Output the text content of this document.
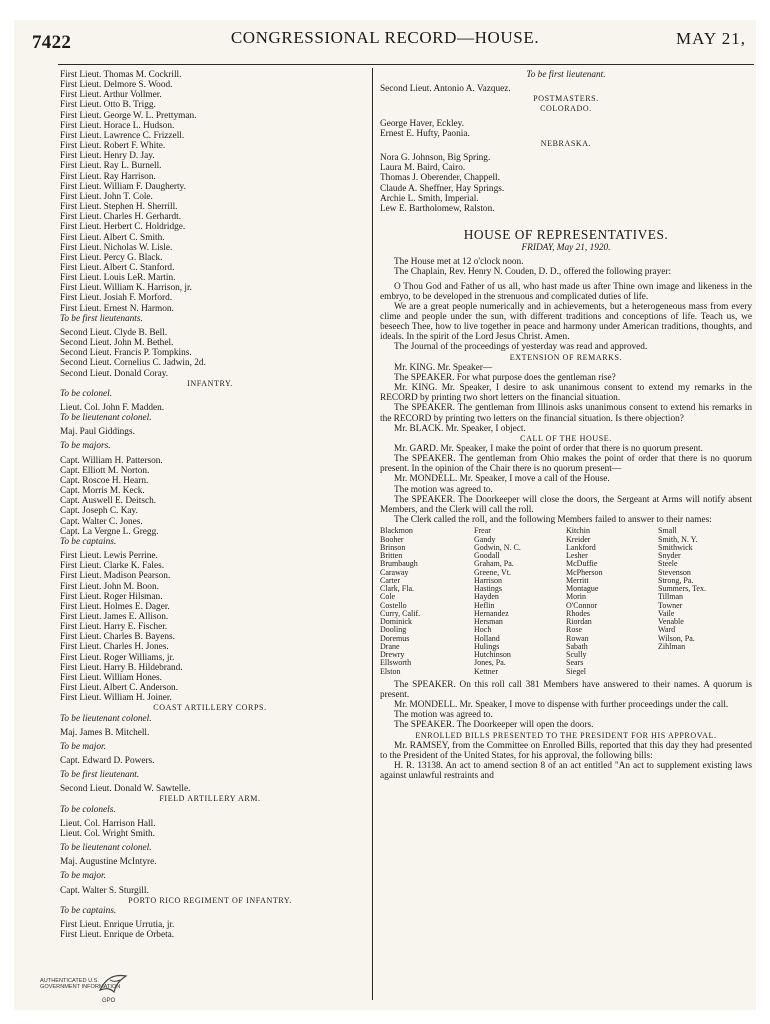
7422	CONGRESSIONAL RECORD—HOUSE.	MAY 21,

First Lieut. Thomas M. Cockrill.

First Lieut. Delmore S. Wood.

First Lieut. Arthur Vollmer.

First Lieut. Otto B. Trigg.

First Lieut. George W. L. Prettyman.

First Lieut. Horace L. Hudson.

First Lieut. Lawrence C. Frizzell.

First Lieut. Robert F. White.

First Lieut. Henry D. Jay.

First Lieut. Ray L. Burnell.

First Lieut. Ray Harrison.

First Lieut. William F. Daugherty.

First Lieut. John T. Cole.

First Lieut. Stephen H. Sherrill.

First Lieut. Charles H. Gerhardt.

First Lieut. Herbert C. Holdridge.

First Lieut. Albert C. Smith.

First Lieut. Nicholas W. Lisle.

First Lieut. Percy G. Black.

First Lieut. Albert C. Stanford.

First Lieut. Louis LeR. Martin.

First Lieut. William K. Harrison, jr.

First Lieut. Josiah F. Morford.

First Lieut. Ernest N. Harmon.

To be first lieutenants.

Second Lieut. Clyde B. Bell.

Second Lieut. John M. Bethel.

Second Lieut. Francis P. Tompkins.

Second Lieut. Cornelius C. Jadwin, 2d.

Second Lieut. Donald Coray.

INFANTRY.

To be colonel.

Lieut. Col. John F. Madden.

To be lieutenant colonel.

Maj. Paul Giddings.

To be majors.

Capt. William H. Patterson.

Capt. Elliott M. Norton.

Capt. Roscoe H. Hearn.

Capt. Morris M. Keck.

Capt. Auswell E. Deitsch.

Capt. Joseph C. Kay.

Capt. Walter C. Jones.

Capt. La Vergne L. Gregg.

To be captains.

First Lieut. Lewis Perrine.

First Lieut. Clarke K. Fales.

First Lieut. Madison Pearson.

First Lieut. John M. Boon.

First Lieut. Roger Hilsman.

First Lieut. Holmes E. Dager.

First Lieut. James E. Allison.

First Lieut. Harry E. Fischer.

First Lieut. Charles B. Bayens.

First Lieut. Charles H. Jones.

First Lieut. Roger Williams, jr.

First Lieut. Harry B. Hildebrand.

First Lieut. William Hones.

First Lieut. Albert C. Anderson.

First Lieut. William H. Joiner.

COAST ARTILLERY CORPS.

To be lieutenant colonel.

Maj. James B. Mitchell.

To be major.

Capt. Edward D. Powers.

To be first lieutenant.

Second Lieut. Donald W. Sawtelle.

FIELD ARTILLERY ARM.

To be colonels.

Lieut. Col. Harrison Hall.

Lieut. Col. Wright Smith.

To be lieutenant colonel.

Maj. Augustine McIntyre.

To be major.

Capt. Walter S. Sturgill.

PORTO RICO REGIMENT OF INFANTRY.

To be captains.

First Lieut. Enrique Urrutia, jr.

First Lieut. Enrique de Orbeta.

To be first lieutenant.

Second Lieut. Antonio A. Vazquez.

POSTMASTERS.

COLORADO.

George Haver, Eckley.

Ernest E. Hufty, Paonia.

NEBRASKA.

Nora G. Johnson, Big Spring.

Laura M. Baird, Cairo.

Thomas J. Oberender, Chappell.

Claude A. Sheffner, Hay Springs.

Archie L. Smith, Imperial.

Lew E. Bartholomew, Ralston.

HOUSE OF REPRESENTATIVES.

FRIDAY, May 21, 1920.

The House met at 12 o'clock noon.

The Chaplain, Rev. Henry N. Couden, D. D., offered the following prayer:

O Thou God and Father of us all, who hast made us after Thine own image and likeness in the embryo, to be developed in the strenuous and complicated duties of life.

We are a great people numerically and in achievements, but a heterogeneous mass from every clime and people under the sun, with different traditions and conceptions of life. Teach us, we beseech Thee, how to live together in peace and harmony under American traditions, thoughts, and ideals. In the spirit of the Lord Jesus Christ. Amen.

The Journal of the proceedings of yesterday was read and approved.

EXTENSION OF REMARKS.

Mr. KING. Mr. Speaker—

The SPEAKER. For what purpose does the gentleman rise?

Mr. KING. Mr. Speaker, I desire to ask unanimous consent to extend my remarks in the RECORD by printing two short letters on the financial situation.

The SPEAKER. The gentleman from Illinois asks unanimous consent to extend his remarks in the RECORD by printing two letters on the financial situation. Is there objection?

Mr. BLACK. Mr. Speaker, I object.

CALL OF THE HOUSE.

Mr. GARD. Mr. Speaker, I make the point of order that there is no quorum present.

The SPEAKER. The gentleman from Ohio makes the point of order that there is no quorum present. In the opinion of the Chair there is no quorum present—

Mr. MONDELL. Mr. Speaker, I move a call of the House.

The motion was agreed to.

The SPEAKER. The Doorkeeper will close the doors, the Sergeant at Arms will notify absent Members, and the Clerk will call the roll.

The Clerk called the roll, and the following Members failed to answer to their names:

Blackmon	Frear	Kitchin	Small
Booher	Gandy	Kreider	Smith, N. Y.
Brinson	Godwin, N. C.	Lankford	Smithwick
Britten	Goodall	Lesher	Snyder
Brumbaugh	Graham, Pa.	McDuffie	Steele
Caraway	Greene, Vt.	McPherson	Stevenson
Carter	Harrison	Merritt	Strong, Pa.
Clark, Fla.	Hastings	Montague	Summers, Tex.
Cole	Hayden	Morin	Tillman
Costello	Heflin	O'Connor	Towner
Curry, Calif.	Hernandez	Rhodes	Vaile
Dominick	Hersman	Riordan	Venable
Dooling	Hoch	Rose	Ward
Doremus	Holland	Rowan	Wilson, Pa.
Drane	Hulings	Sabath	Zihlman
Drewry	Hutchinson	Scully
Ellsworth	Jones, Pa.	Sears
Elston	Kettner	Siegel

The SPEAKER. On this roll call 381 Members have answered to their names. A quorum is present.

Mr. MONDELL. Mr. Speaker, I move to dispense with further proceedings under the call.

The motion was agreed to.

The SPEAKER. The Doorkeeper will open the doors.

ENROLLED BILLS PRESENTED TO THE PRESIDENT FOR HIS APPROVAL.

Mr. RAMSEY, from the Committee on Enrolled Bills, reported that this day they had presented to the President of the United States, for his approval, the following bills:

H. R. 13138. An act to amend section 8 of an act entitled "An act to supplement existing laws against unlawful restraints and

AUTHENTICATED U.S. GOVERNMENT INFORMATION
GPO
